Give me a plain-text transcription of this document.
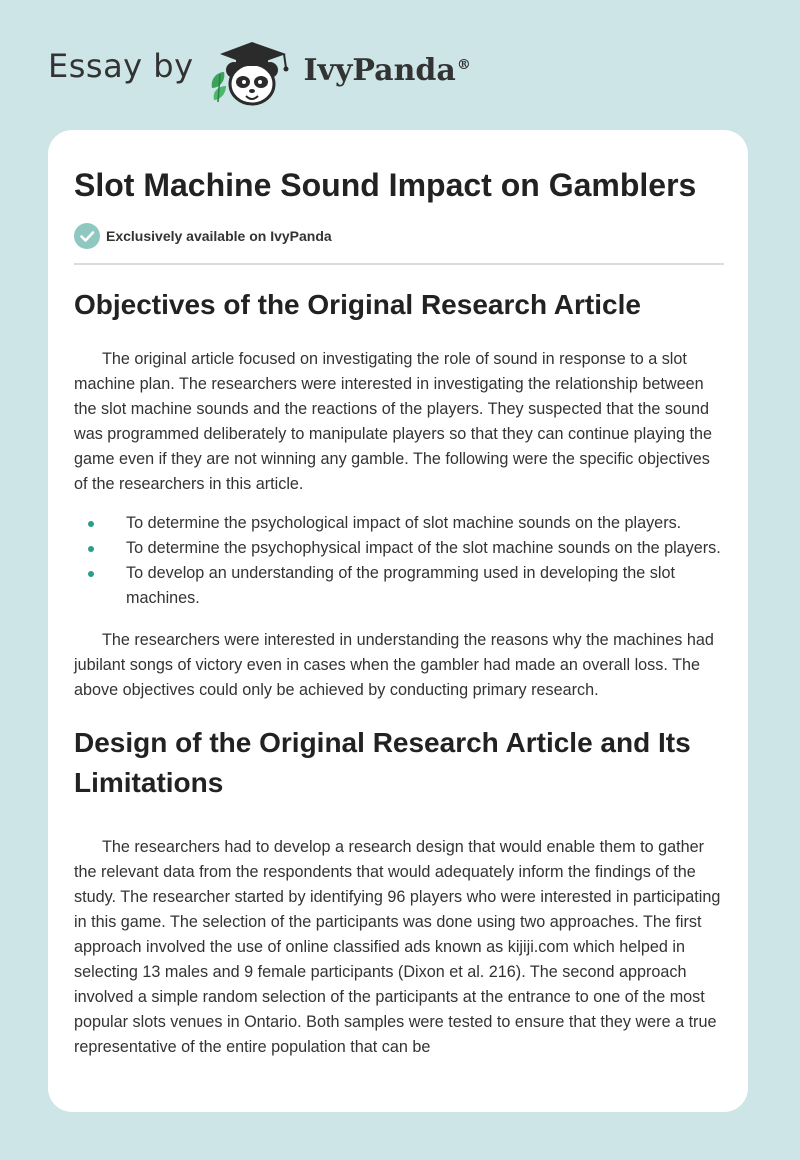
Essay by	IvyPanda®
Slot Machine Sound Impact on Gamblers
Exclusively available on IvyPanda
Objectives of the Original Research Article

The original article focused on investigating the role of sound in response to a slot machine plan. The researchers were interested in investigating the relationship between the slot machine sounds and the reactions of the players. They suspected that the sound was programmed deliberately to manipulate players so that they can continue playing the game even if they are not winning any gamble. The following were the specific objectives of the researchers in this article.

To determine the psychological impact of slot machine sounds on the players.
To determine the psychophysical impact of the slot machine sounds on the players.
To develop an understanding of the programming used in developing the slot machines.

The researchers were interested in understanding the reasons why the machines had jubilant songs of victory even in cases when the gambler had made an overall loss. The above objectives could only be achieved by conducting primary research.

Design of the Original Research Article and Its Limitations

The researchers had to develop a research design that would enable them to gather the relevant data from the respondents that would adequately inform the findings of the study. The researcher started by identifying 96 players who were interested in participating in this game. The selection of the participants was done using two approaches. The first approach involved the use of online classified ads known as kijiji.com which helped in selecting 13 males and 9 female participants (Dixon et al. 216). The second approach involved a simple random selection of the participants at the entrance to one of the most popular slots venues in Ontario. Both samples were tested to ensure that they were a true representative of the entire population that can be
